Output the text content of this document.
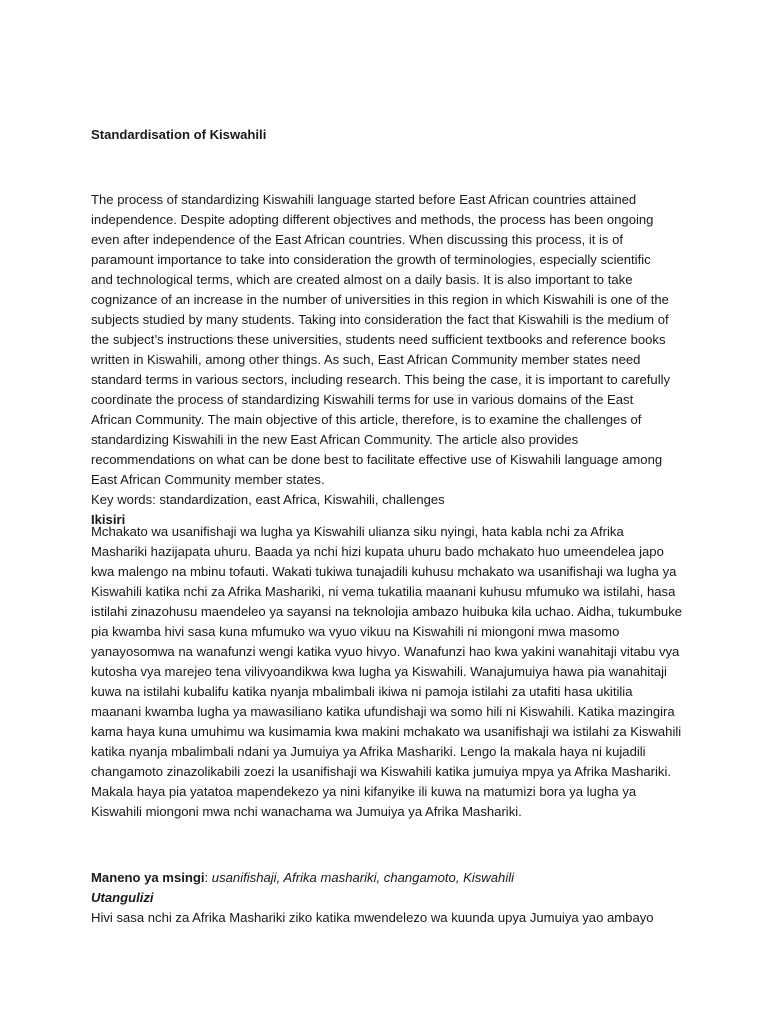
Standardisation of Kiswahili

The process of standardizing Kiswahili language started before East African countries attained independence. Despite adopting different objectives and methods, the process has been ongoing even after independence of the East African countries. When discussing this process, it is of paramount importance to take into consideration the growth of terminologies, especially scientific and technological terms, which are created almost on a daily basis. It is also important to take cognizance of an increase in the number of universities in this region in which Kiswahili is one of the subjects studied by many students. Taking into consideration the fact that Kiswahili is the medium of the subject’s instructions these universities, students need sufficient textbooks and reference books written in Kiswahili, among other things. As such, East African Community member states need standard terms in various sectors, including research. This being the case, it is important to carefully coordinate the process of standardizing Kiswahili terms for use in various domains of the East African Community. The main objective of this article, therefore, is to examine the challenges of standardizing Kiswahili in the new East African Community. The article also provides recommendations on what can be done best to facilitate effective use of Kiswahili language among East African Community member states.

Key words: standardization, east Africa, Kiswahili, challenges

Ikisiri

Mchakato wa usanifishaji wa lugha ya Kiswahili ulianza siku nyingi, hata kabla nchi za Afrika Mashariki hazijapata uhuru. Baada ya nchi hizi kupata uhuru bado mchakato huo umeendelea japo kwa malengo na mbinu tofauti. Wakati tukiwa tunajadili kuhusu mchakato wa usanifishaji wa lugha ya Kiswahili katika nchi za Afrika Mashariki, ni vema tukatilia maanani kuhusu mfumuko wa istilahi, hasa istilahi zinazohusu maendeleo ya sayansi na teknolojia ambazo huibuka kila uchao. Aidha, tukumbuke pia kwamba hivi sasa kuna mfumuko wa vyuo vikuu na Kiswahili ni miongoni mwa masomo yanayosomwa na wanafunzi wengi katika vyuo hivyo. Wanafunzi hao kwa yakini wanahitaji vitabu vya kutosha vya marejeo tena vilivyoandikwa kwa lugha ya Kiswahili. Wanajumuiya hawa pia wanahitaji kuwa na istilahi kubalifu katika nyanja mbalimbali ikiwa ni pamoja istilahi za utafiti hasa ukitilia maanani kwamba lugha ya mawasiliano katika ufundishaji wa somo hili ni Kiswahili. Katika mazingira kama haya kuna umuhimu wa kusimamia kwa makini mchakato wa usanifishaji wa istilahi za Kiswahili katika nyanja mbalimbali ndani ya Jumuiya ya Afrika Mashariki. Lengo la makala haya ni kujadili changamoto zinazolikabili zoezi la usanifishaji wa Kiswahili katika jumuiya mpya ya Afrika Mashariki. Makala haya pia yatatoa mapendekezo ya nini kifanyike ili kuwa na matumizi bora ya lugha ya Kiswahili miongoni mwa nchi wanachama wa Jumuiya ya Afrika Mashariki.

Maneno ya msingi: usanifishaji, Afrika mashariki, changamoto, Kiswahili

Utangulizi

Hivi sasa nchi za Afrika Mashariki ziko katika mwendelezo wa kuunda upya Jumuiya yao ambayo
